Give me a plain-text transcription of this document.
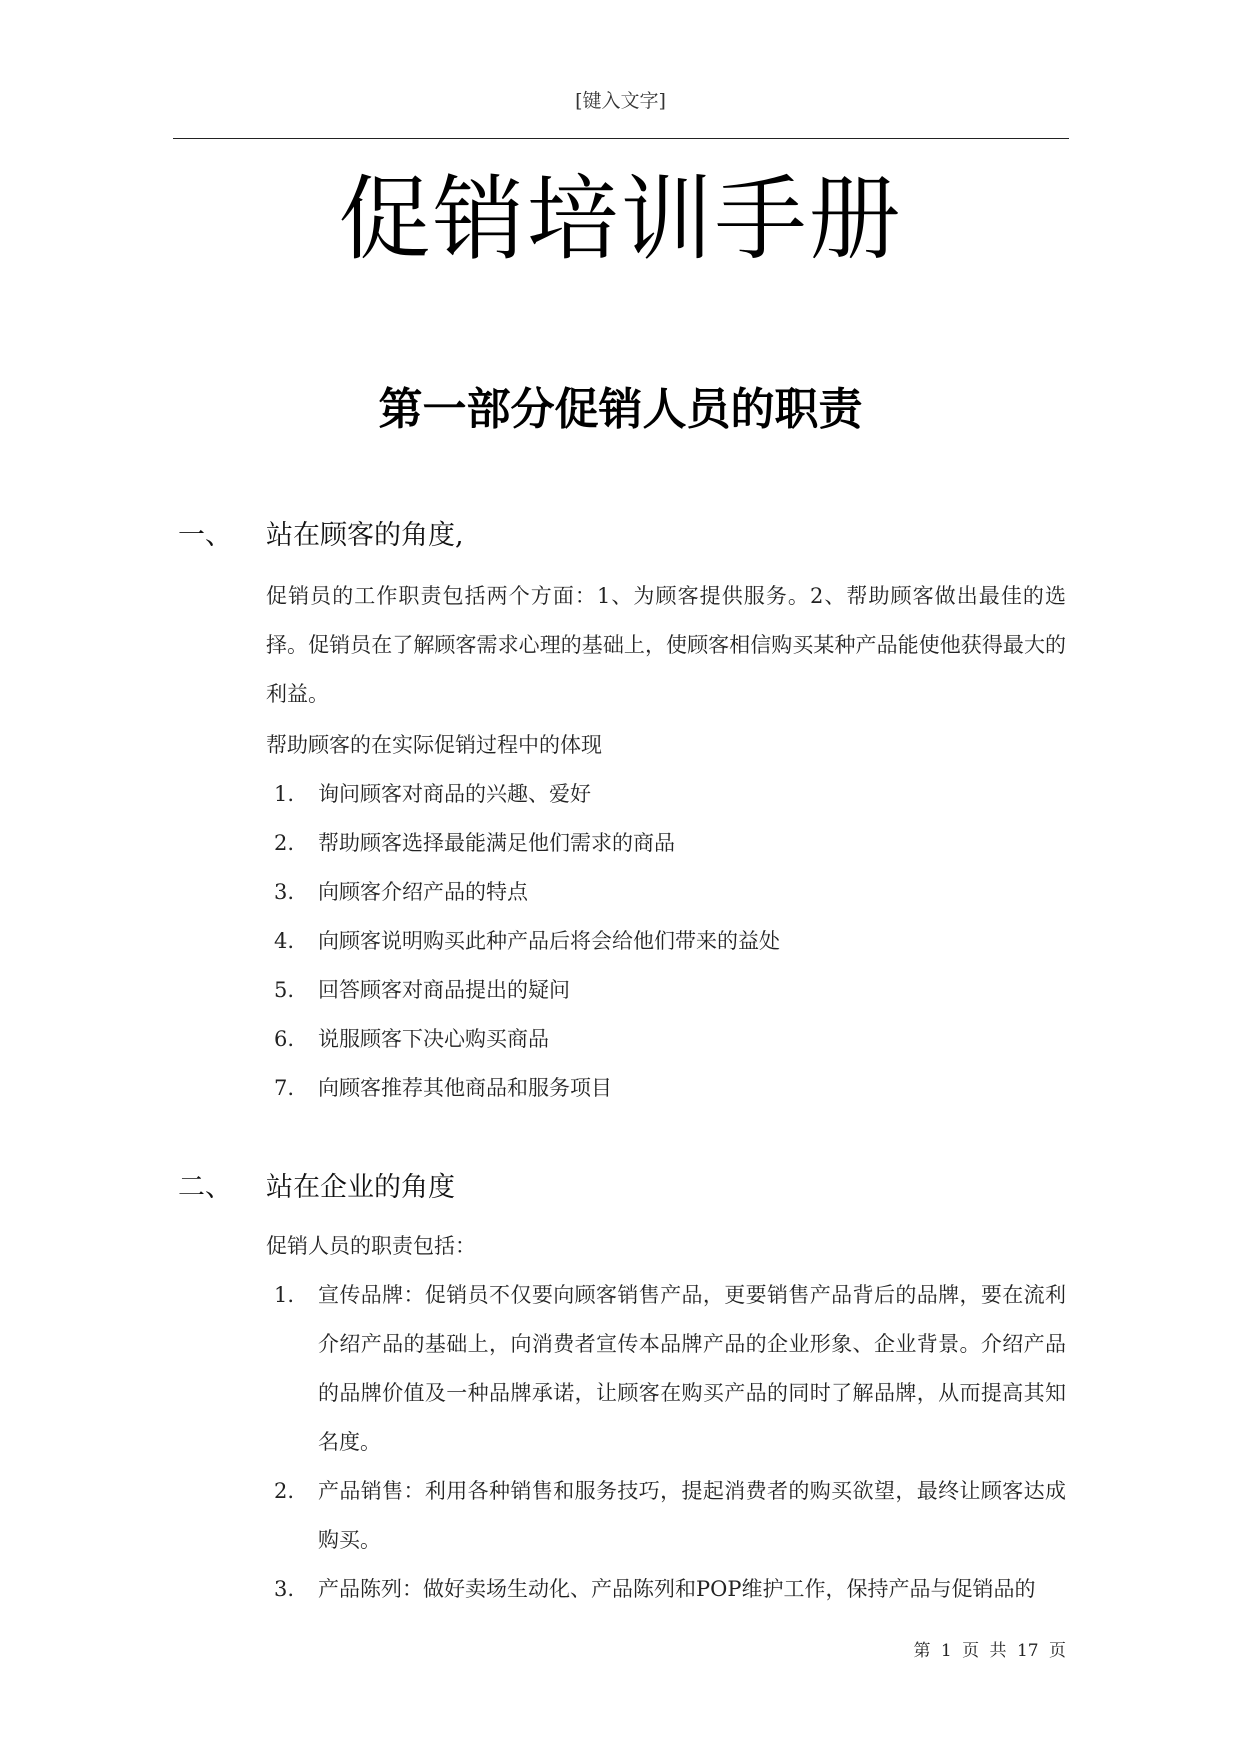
[键入文字]
促销培训手册
第一部分促销人员的职责
一、 站在顾客的角度,
促销员的工作职责包括两个方面：1、为顾客提供服务。2、帮助顾客做出最佳的选择。促销员在了解顾客需求心理的基础上，使顾客相信购买某种产品能使他获得最大的利益。
帮助顾客的在实际促销过程中的体现
1. 询问顾客对商品的兴趣、爱好
2. 帮助顾客选择最能满足他们需求的商品
3. 向顾客介绍产品的特点
4. 向顾客说明购买此种产品后将会给他们带来的益处
5. 回答顾客对商品提出的疑问
6. 说服顾客下决心购买商品
7. 向顾客推荐其他商品和服务项目
二、 站在企业的角度
促销人员的职责包括：
1. 宣传品牌：促销员不仅要向顾客销售产品，更要销售产品背后的品牌，要在流利介绍产品的基础上，向消费者宣传本品牌产品的企业形象、企业背景。介绍产品的品牌价值及一种品牌承诺，让顾客在购买产品的同时了解品牌，从而提高其知名度。
2. 产品销售：利用各种销售和服务技巧，提起消费者的购买欲望，最终让顾客达成购买。
3. 产品陈列：做好卖场生动化、产品陈列和POP维护工作，保持产品与促销品的
第 1 页 共 17 页
